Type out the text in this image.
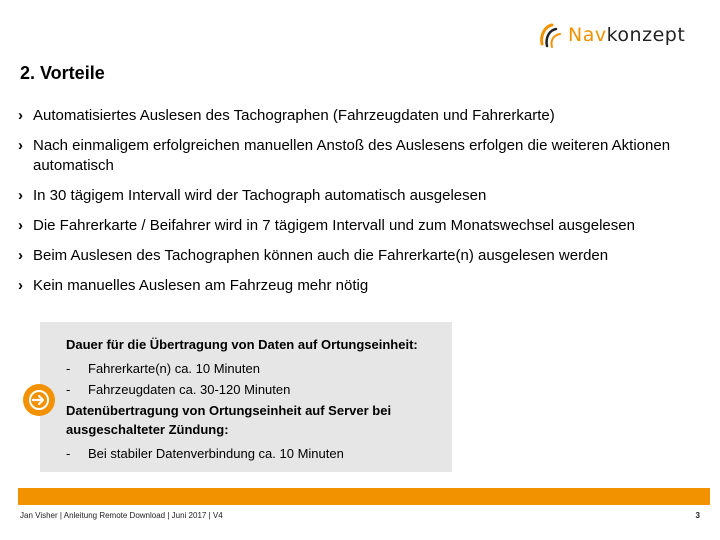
Navkonzept
2. Vorteile
› Automatisiertes Auslesen des Tachographen (Fahrzeugdaten und Fahrerkarte)
› Nach einmaligem erfolgreichen manuellen Anstoß des Auslesens erfolgen die weiteren Aktionen automatisch
› In 30 tägigem Intervall wird der Tachograph automatisch ausgelesen
› Die Fahrerkarte / Beifahrer wird in 7 tägigem Intervall und zum Monatswechsel ausgelesen
› Beim Auslesen des Tachographen können auch die Fahrerkarte(n) ausgelesen werden
› Kein manuelles Auslesen am Fahrzeug mehr nötig
Dauer für die Übertragung von Daten auf Ortungseinheit:
- Fahrerkarte(n) ca. 10 Minuten
- Fahrzeugdaten ca. 30-120 Minuten
Datenübertragung von Ortungseinheit auf Server bei ausgeschalteter Zündung:
- Bei stabiler Datenverbindung ca. 10 Minuten
Jan Visher | Anleitung Remote Download | Juni 2017 | V4	3
